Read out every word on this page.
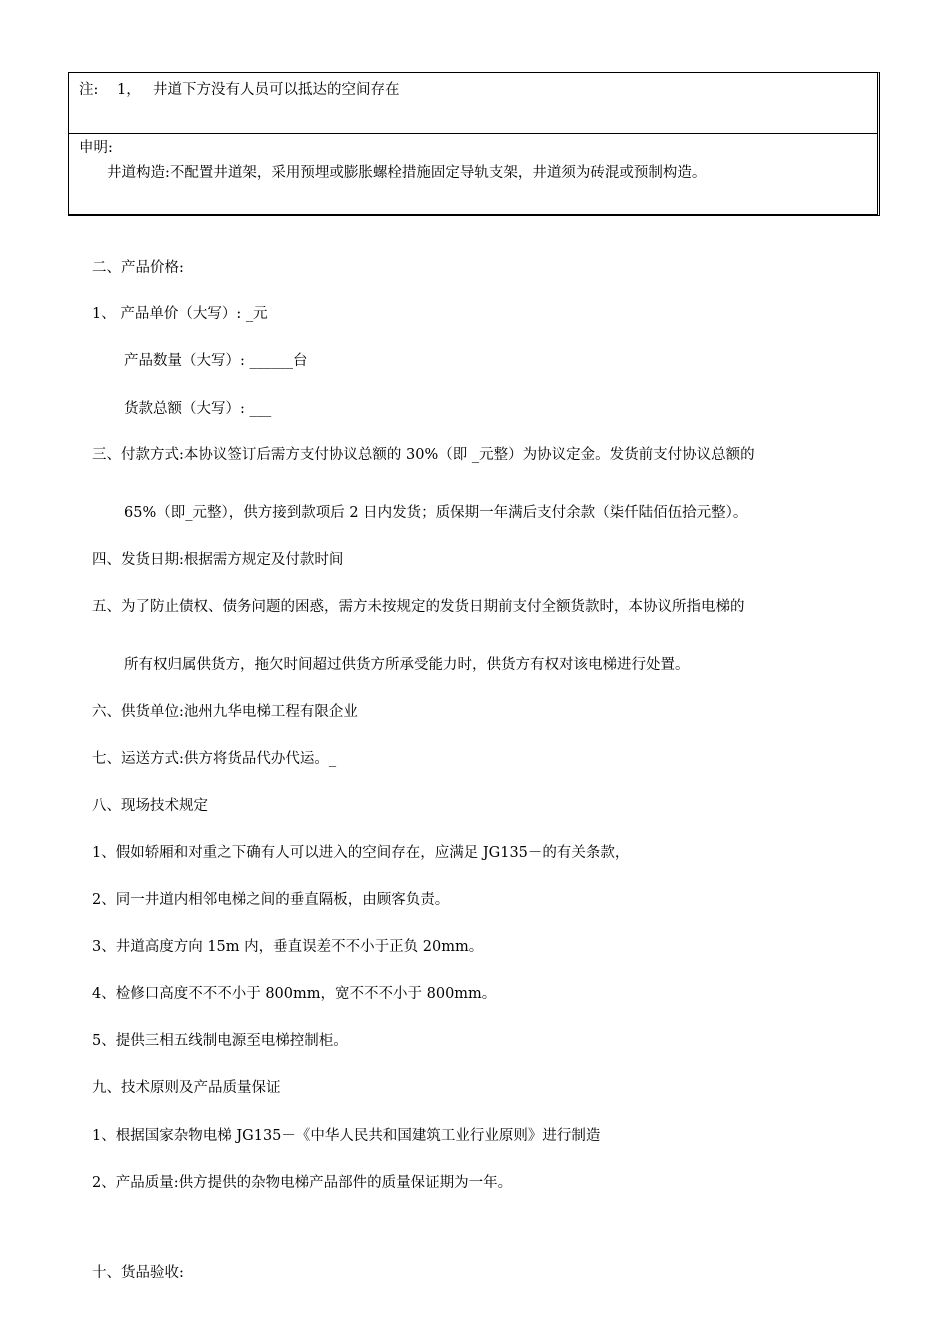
注: 1， 井道下方没有人员可以抵达的空间存在
申明:
井道构造:不配置井道架，采用预埋或膨胀螺栓措施固定导轨支架，井道须为砖混或预制构造。
二、产品价格:
1、 产品单价（大写）: _元
产品数量（大写）: ______台
货款总额（大写）: ___
三、付款方式:本协议签订后需方支付协议总额的 30%（即 _元整）为协议定金。发货前支付协议总额的
65%（即_元整），供方接到款项后 2 日内发货；质保期一年满后支付余款（柒仟陆佰伍拾元整）。
四、发货日期:根据需方规定及付款时间
五、为了防止债权、债务问题的困惑，需方未按规定的发货日期前支付全额货款时，本协议所指电梯的
所有权归属供货方，拖欠时间超过供货方所承受能力时，供货方有权对该电梯进行处置。
六、供货单位:池州九华电梯工程有限企业
七、运送方式:供方将货品代办代运。_
八、现场技术规定
1、假如轿厢和对重之下确有人可以进入的空间存在，应满足 JG135－的有关条款，
2、同一井道内相邻电梯之间的垂直隔板，由顾客负责。
3、井道高度方向 15m 内，垂直误差不不小于正负 20mm。
4、检修口高度不不不小于 800mm，宽不不不小于 800mm。
5、提供三相五线制电源至电梯控制柜。
九、技术原则及产品质量保证
1、根据国家杂物电梯 JG135－《中华人民共和国建筑工业行业原则》进行制造
2、产品质量:供方提供的杂物电梯产品部件的质量保证期为一年。
十、货品验收:
